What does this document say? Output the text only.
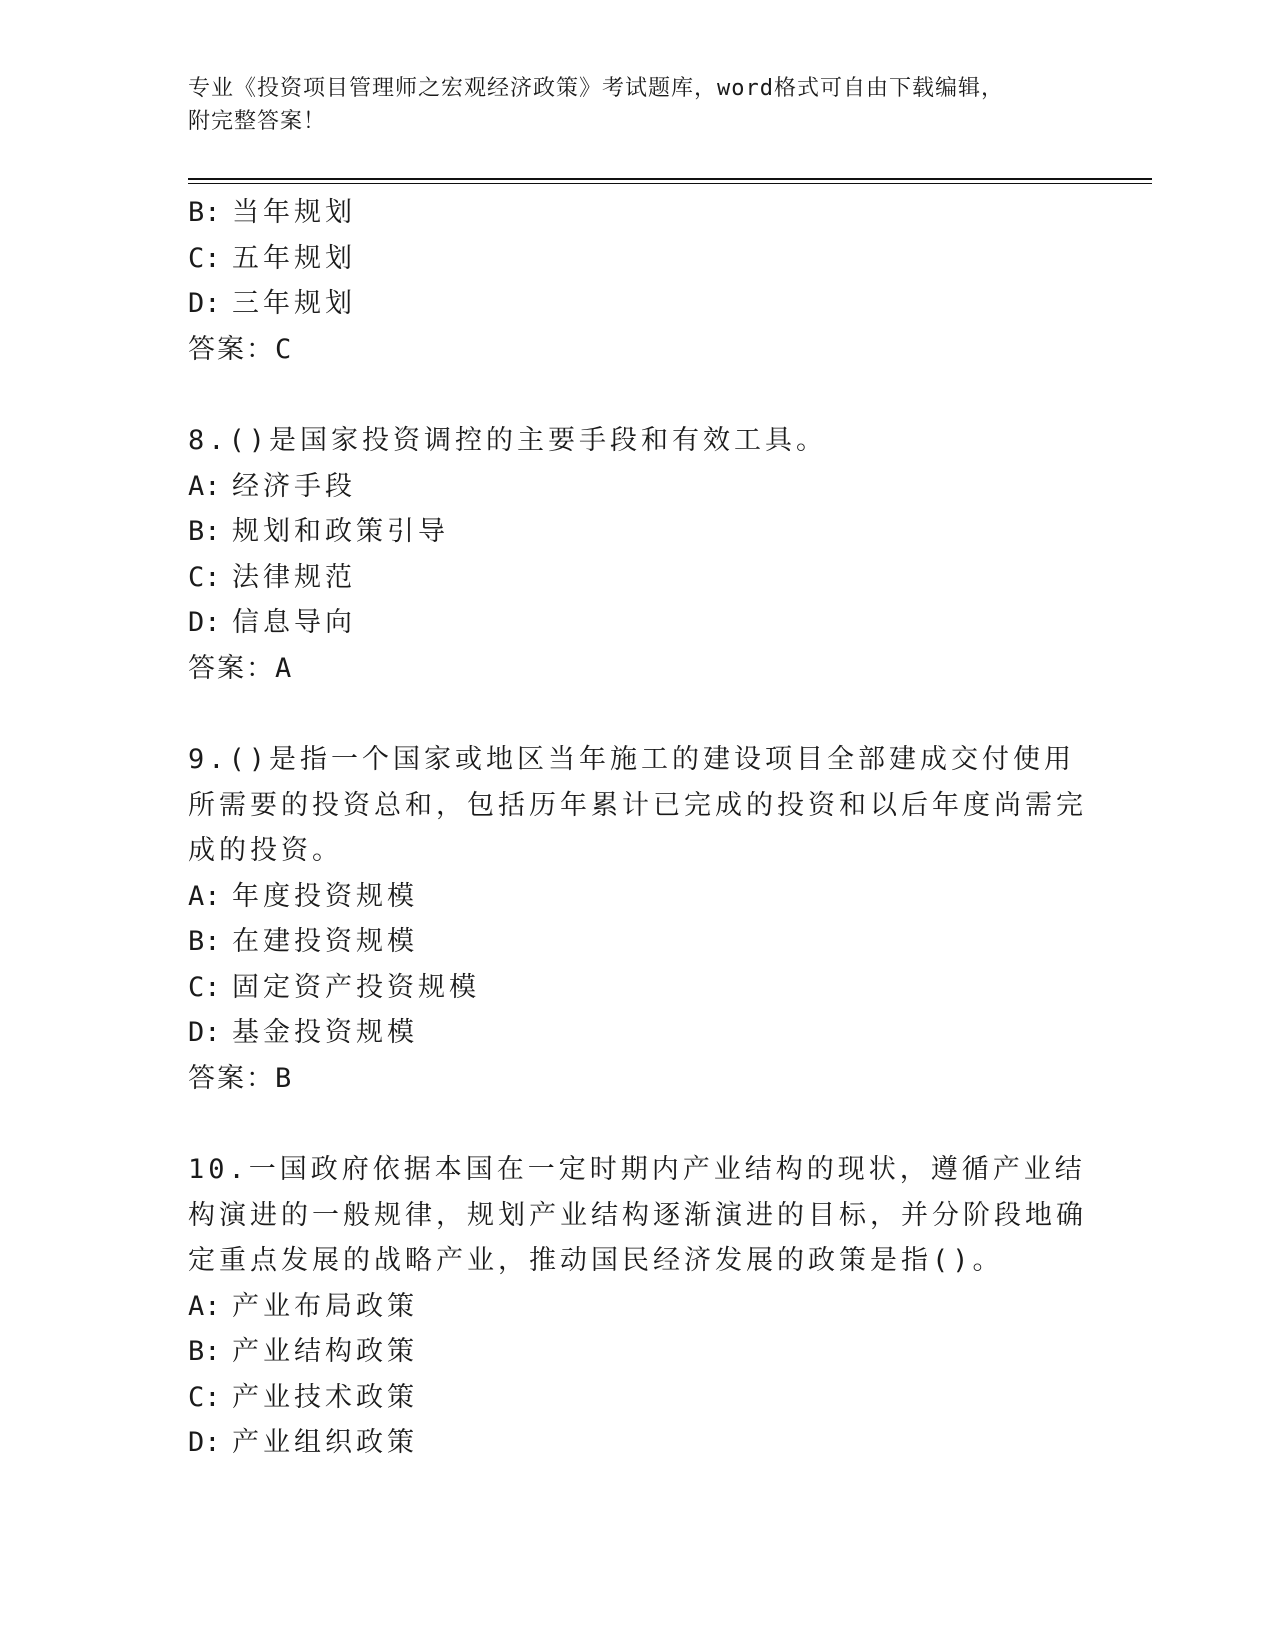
专业《投资项目管理师之宏观经济政策》考试题库，word格式可自由下载编辑，
附完整答案！
B: 当年规划
C: 五年规划
D: 三年规划
答案：C
8.()是国家投资调控的主要手段和有效工具。
A: 经济手段
B: 规划和政策引导
C: 法律规范
D: 信息导向
答案：A
9.()是指一个国家或地区当年施工的建设项目全部建成交付使用所需要的投资总和，包括历年累计已完成的投资和以后年度尚需完成的投资。
A: 年度投资规模
B: 在建投资规模
C: 固定资产投资规模
D: 基金投资规模
答案：B
10.一国政府依据本国在一定时期内产业结构的现状，遵循产业结构演进的一般规律，规划产业结构逐渐演进的目标，并分阶段地确定重点发展的战略产业，推动国民经济发展的政策是指()。
A: 产业布局政策
B: 产业结构政策
C: 产业技术政策
D: 产业组织政策
